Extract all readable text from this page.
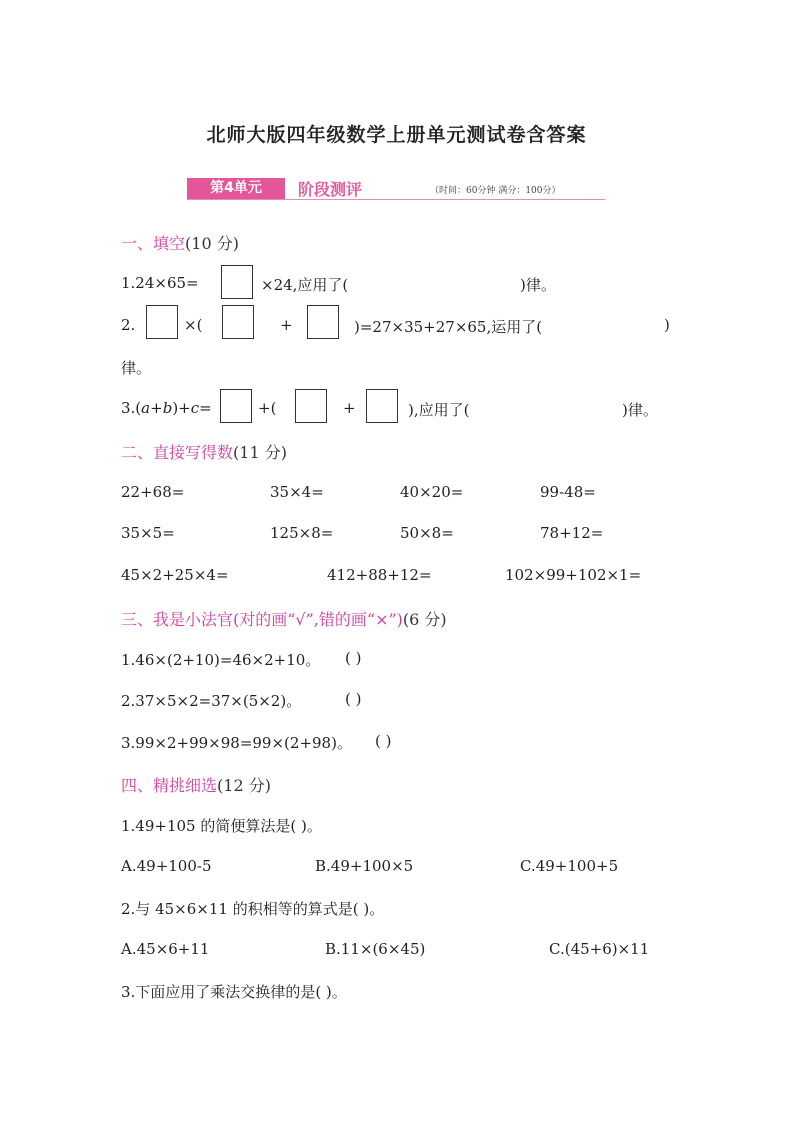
北师大版四年级数学上册单元测试卷含答案
第4单元	阶段测评	（时间：60分钟 满分：100分）
一、填空(10 分)
1.24×65=	×24,应用了(	)律。
2.	×(	+	)=27×35+27×65,运用了(	)
律。
3.(a+b)+c=	+(	+	),应用了(	)律。
二、直接写得数(11 分)
22+68=	35×4=	40×20=	99-48=
35×5=	125×8=	50×8=	78+12=
45×2+25×4=	412+88+12=	102×99+102×1=
三、我是小法官(对的画“√”,错的画“×”)(6 分)
1.46×(2+10)=46×2+10。 ( )
2.37×5×2=37×(5×2)。	( )
3.99×2+99×98=99×(2+98)。 ( )
四、精挑细选(12 分)
1.49+105 的简便算法是( )。
A.49+100-5	B.49+100×5	C.49+100+5
2.与 45×6×11 的积相等的算式是( )。
A.45×6+11	B.11×(6×45)	C.(45+6)×11
3.下面应用了乘法交换律的是( )。
